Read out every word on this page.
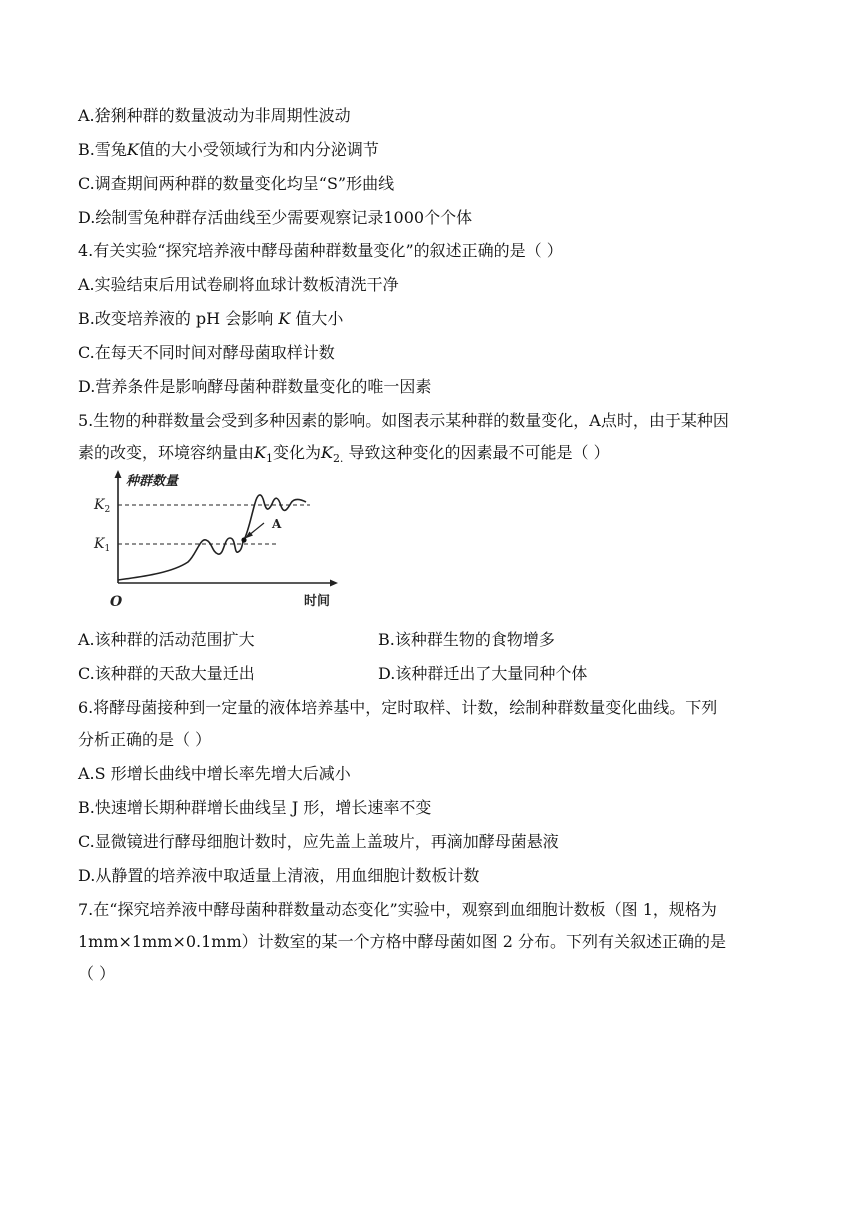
A.猞猁种群的数量波动为非周期性波动
B.雪兔K值的大小受领域行为和内分泌调节
C.调查期间两种群的数量变化均呈“S”形曲线
D.绘制雪兔种群存活曲线至少需要观察记录1000个个体
4.有关实验“探究培养液中酵母菌种群数量变化”的叙述正确的是（ ）
A.实验结束后用试卷刷将血球计数板清洗干净
B.改变培养液的 pH 会影响 K 值大小
C.在每天不同时间对酵母菌取样计数
D.营养条件是影响酵母菌种群数量变化的唯一因素
5.生物的种群数量会受到多种因素的影响。如图表示某种群的数量变化，A点时，由于某种因
素的改变，环境容纳量由$K_1$变化为$K_{2.}$ 导致这种变化的因素最不可能是（ ）
A
种群数量
时间
O
$K_2$
$K_1$
A.该种群的活动范围扩大	B.该种群生物的食物增多
C.该种群的天敌大量迁出	D.该种群迁出了大量同种个体
6.将酵母菌接种到一定量的液体培养基中，定时取样、计数，绘制种群数量变化曲线。下列
分析正确的是（ ）
A.S 形增长曲线中增长率先增大后减小
B.快速增长期种群增长曲线呈 J 形，增长速率不变
C.显微镜进行酵母细胞计数时，应先盖上盖玻片，再滴加酵母菌悬液
D.从静置的培养液中取适量上清液，用血细胞计数板计数
7.在“探究培养液中酵母菌种群数量动态变化”实验中，观察到血细胞计数板（图 1，规格为
1mm×1mm×0.1mm）计数室的某一个方格中酵母菌如图 2 分布。下列有关叙述正确的是
（ ）
